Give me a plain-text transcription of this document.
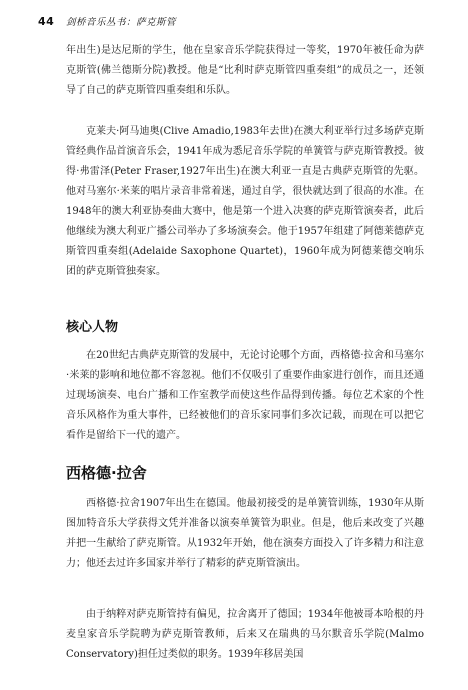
44 剑桥音乐丛书：萨克斯管

年出生)是达尼斯的学生，他在皇家音乐学院获得过一等奖，1970年被任命为萨克斯管(佛兰德斯分院)教授。他是“比利时萨克斯管四重奏组”的成员之一，还领导了自己的萨克斯管四重奏组和乐队。

克莱夫·阿马迪奥(Clive Amadio,1983年去世)在澳大利亚举行过多场萨克斯管经典作品首演音乐会，1941年成为悉尼音乐学院的单簧管与萨克斯管教授。彼得·弗雷泽(Peter Fraser,1927年出生)在澳大利亚一直是古典萨克斯管的先驱。他对马塞尔·米莱的唱片录音非常着迷，通过自学，很快就达到了很高的水准。在1948年的澳大利亚协奏曲大赛中，他是第一个进入决赛的萨克斯管演奏者，此后他继续为澳大利亚广播公司举办了多场演奏会。他于1957年组建了阿德莱德萨克斯管四重奏组(Adelaide Saxophone Quartet)，1960年成为阿德莱德交响乐团的萨克斯管独奏家。

核心人物

在20世纪古典萨克斯管的发展中，无论讨论哪个方面，西格德·拉舍和马塞尔·米莱的影响和地位都不容忽视。他们不仅吸引了重要作曲家进行创作，而且还通过现场演奏、电台广播和工作室教学而使这些作品得到传播。每位艺术家的个性音乐风格作为重大事件，已经被他们的音乐家同事们多次记载，而现在可以把它看作是留给下一代的遗产。

西格德·拉舍

西格德·拉舍1907年出生在德国。他最初接受的是单簧管训练，1930年从斯图加特音乐大学获得文凭并准备以演奏单簧管为职业。但是，他后来改变了兴趣并把一生献给了萨克斯管。从1932年开始，他在演奏方面投入了许多精力和注意力；他还去过许多国家并举行了精彩的萨克斯管演出。

由于纳粹对萨克斯管持有偏见，拉舍离开了德国；1934年他被哥本哈根的丹麦皇家音乐学院聘为萨克斯管教师，后来又在瑞典的马尔默音乐学院(Malmo Conservatory)担任过类似的职务。1939年移居美国
